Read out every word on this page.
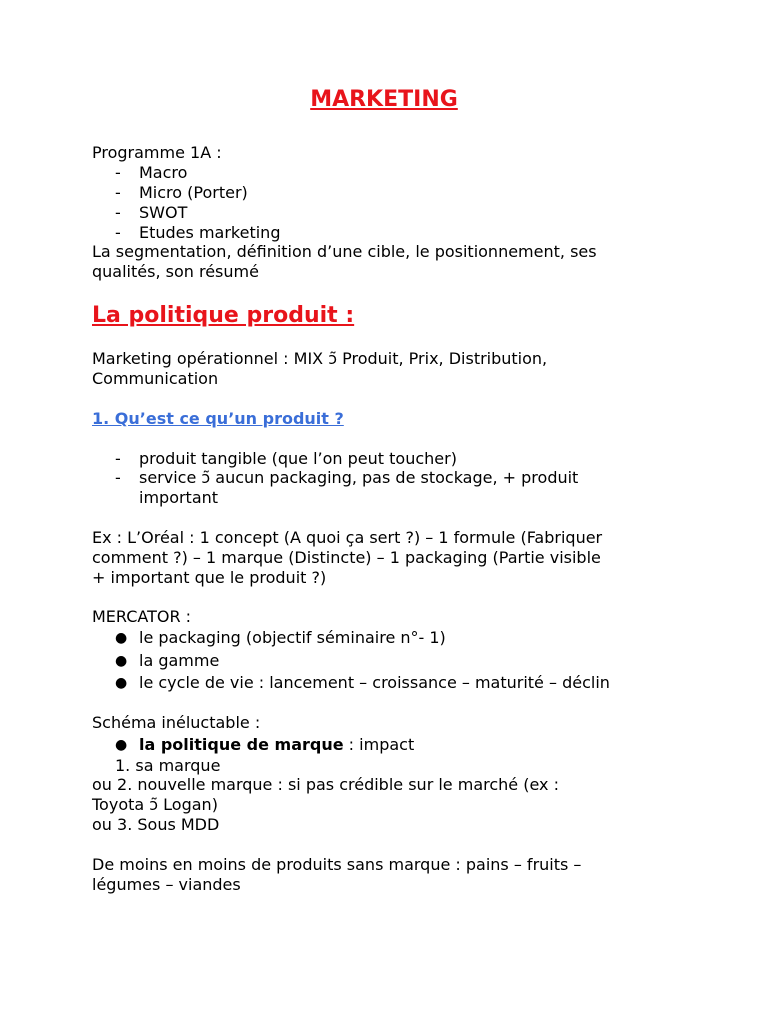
MARKETING
Programme 1A :
- Macro
- Micro (Porter)
- SWOT
- Etudes marketing
La segmentation, définition d’une cible, le positionnement, ses
qualités, son résumé
La politique produit :
Marketing opérationnel : MIX ↄ̃ Produit, Prix, Distribution,
Communication
1. Qu’est ce qu’un produit ?
- produit tangible (que l’on peut toucher)
- service ↄ̃ aucun packaging, pas de stockage, + produit
important
Ex : L’Oréal : 1 concept (A quoi ça sert ?) – 1 formule (Fabriquer
comment ?) – 1 marque (Distincte) – 1 packaging (Partie visible
+ important que le produit ?)
MERCATOR :
● le packaging (objectif séminaire n°- 1)
● la gamme
● le cycle de vie : lancement – croissance – maturité – déclin
Schéma inéluctable :
● la politique de marque : impact
1. sa marque
ou 2. nouvelle marque : si pas crédible sur le marché (ex :
Toyota ↄ̃ Logan)
ou 3. Sous MDD
De moins en moins de produits sans marque : pains – fruits –
légumes – viandes
